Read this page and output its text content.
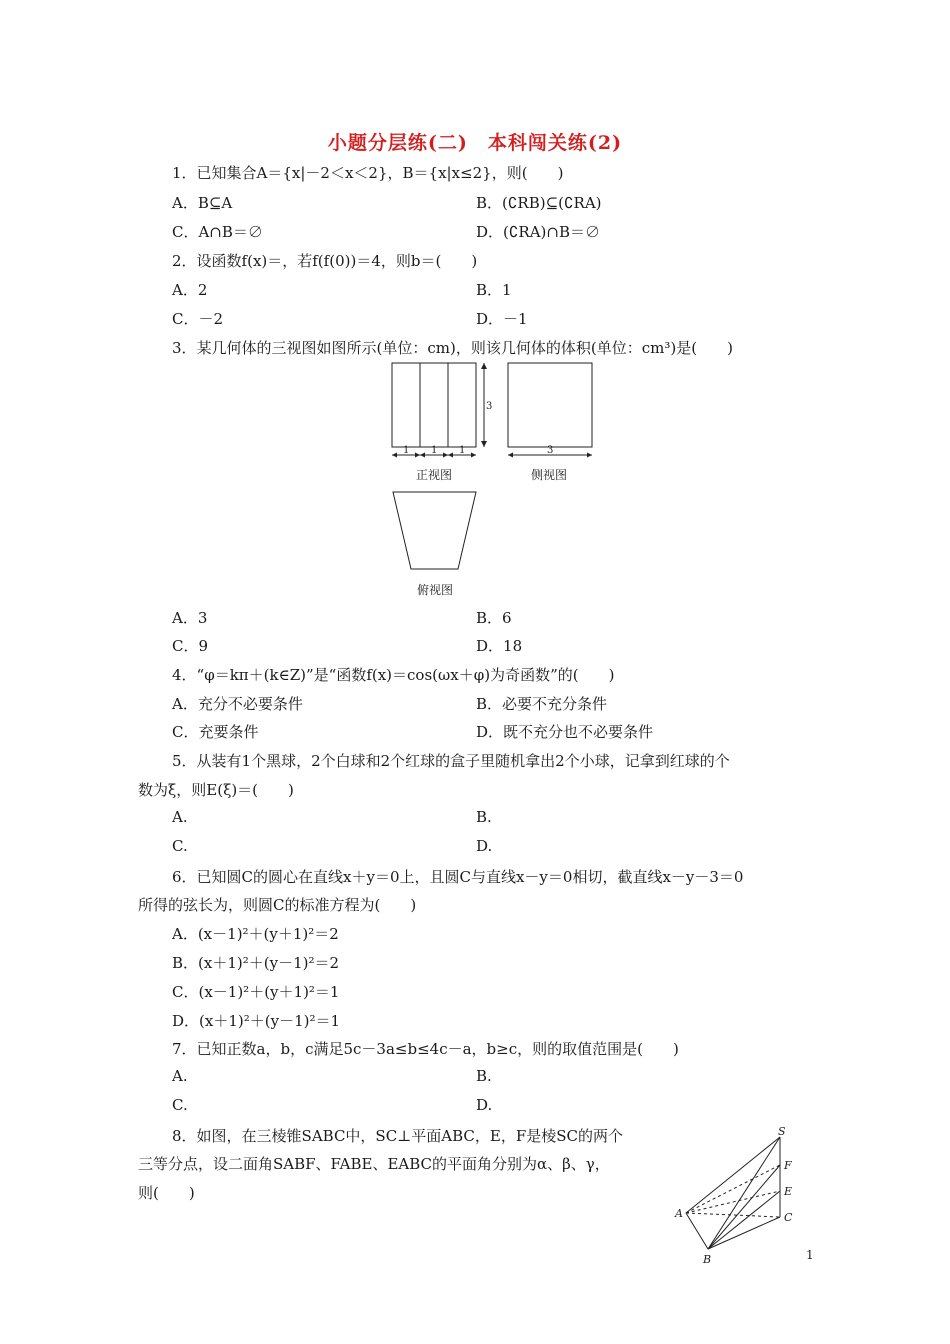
小题分层练(二)　本科闯关练(2)
1．已知集合A＝{x|－2＜x＜2}，B＝{x|x≤2}，则(　　)
A．B⊆A	B．(∁RB)⊆(∁RA)
C．A∩B＝∅	D．(∁RA)∩B＝∅
2．设函数f(x)＝，若f(f(0))＝4，则b＝(　　)
A．2	B．1
C．－2	D．－1
3．某几何体的三视图如图所示(单位：cm)，则该几何体的体积(单位：cm³)是(　　)
3
1 1 1	3
正视图	侧视图
俯视图
A．3	B．6
C．9	D．18
4．“φ＝kπ＋(k∈Z)”是“函数f(x)＝cos(ωx＋φ)为奇函数”的(　　)
A．充分不必要条件	B．必要不充分条件
C．充要条件	D．既不充分也不必要条件
5．从装有1个黑球，2个白球和2个红球的盒子里随机拿出2个小球，记拿到红球的个
数为ξ，则E(ξ)＝(　　)
A.	B.
C.	D.
6．已知圆C的圆心在直线x＋y＝0上，且圆C与直线x－y＝0相切，截直线x－y－3＝0
所得的弦长为，则圆C的标准方程为(　　)
A．(x－1)²＋(y＋1)²＝2
B．(x＋1)²＋(y－1)²＝2
C．(x－1)²＋(y＋1)²＝1
D．(x＋1)²＋(y－1)²＝1
7．已知正数a，b，c满足5c－3a≤b≤4c－a，b≥c，则的取值范围是(　　)
A.	B.
C.	D.
8．如图，在三棱锥SABC中，SC⊥平面ABC，E，F是棱SC的两个
三等分点，设二面角SABF、FABE、EABC的平面角分别为α、β、γ，
则(　　)
S
F
E
A	C
B	1
